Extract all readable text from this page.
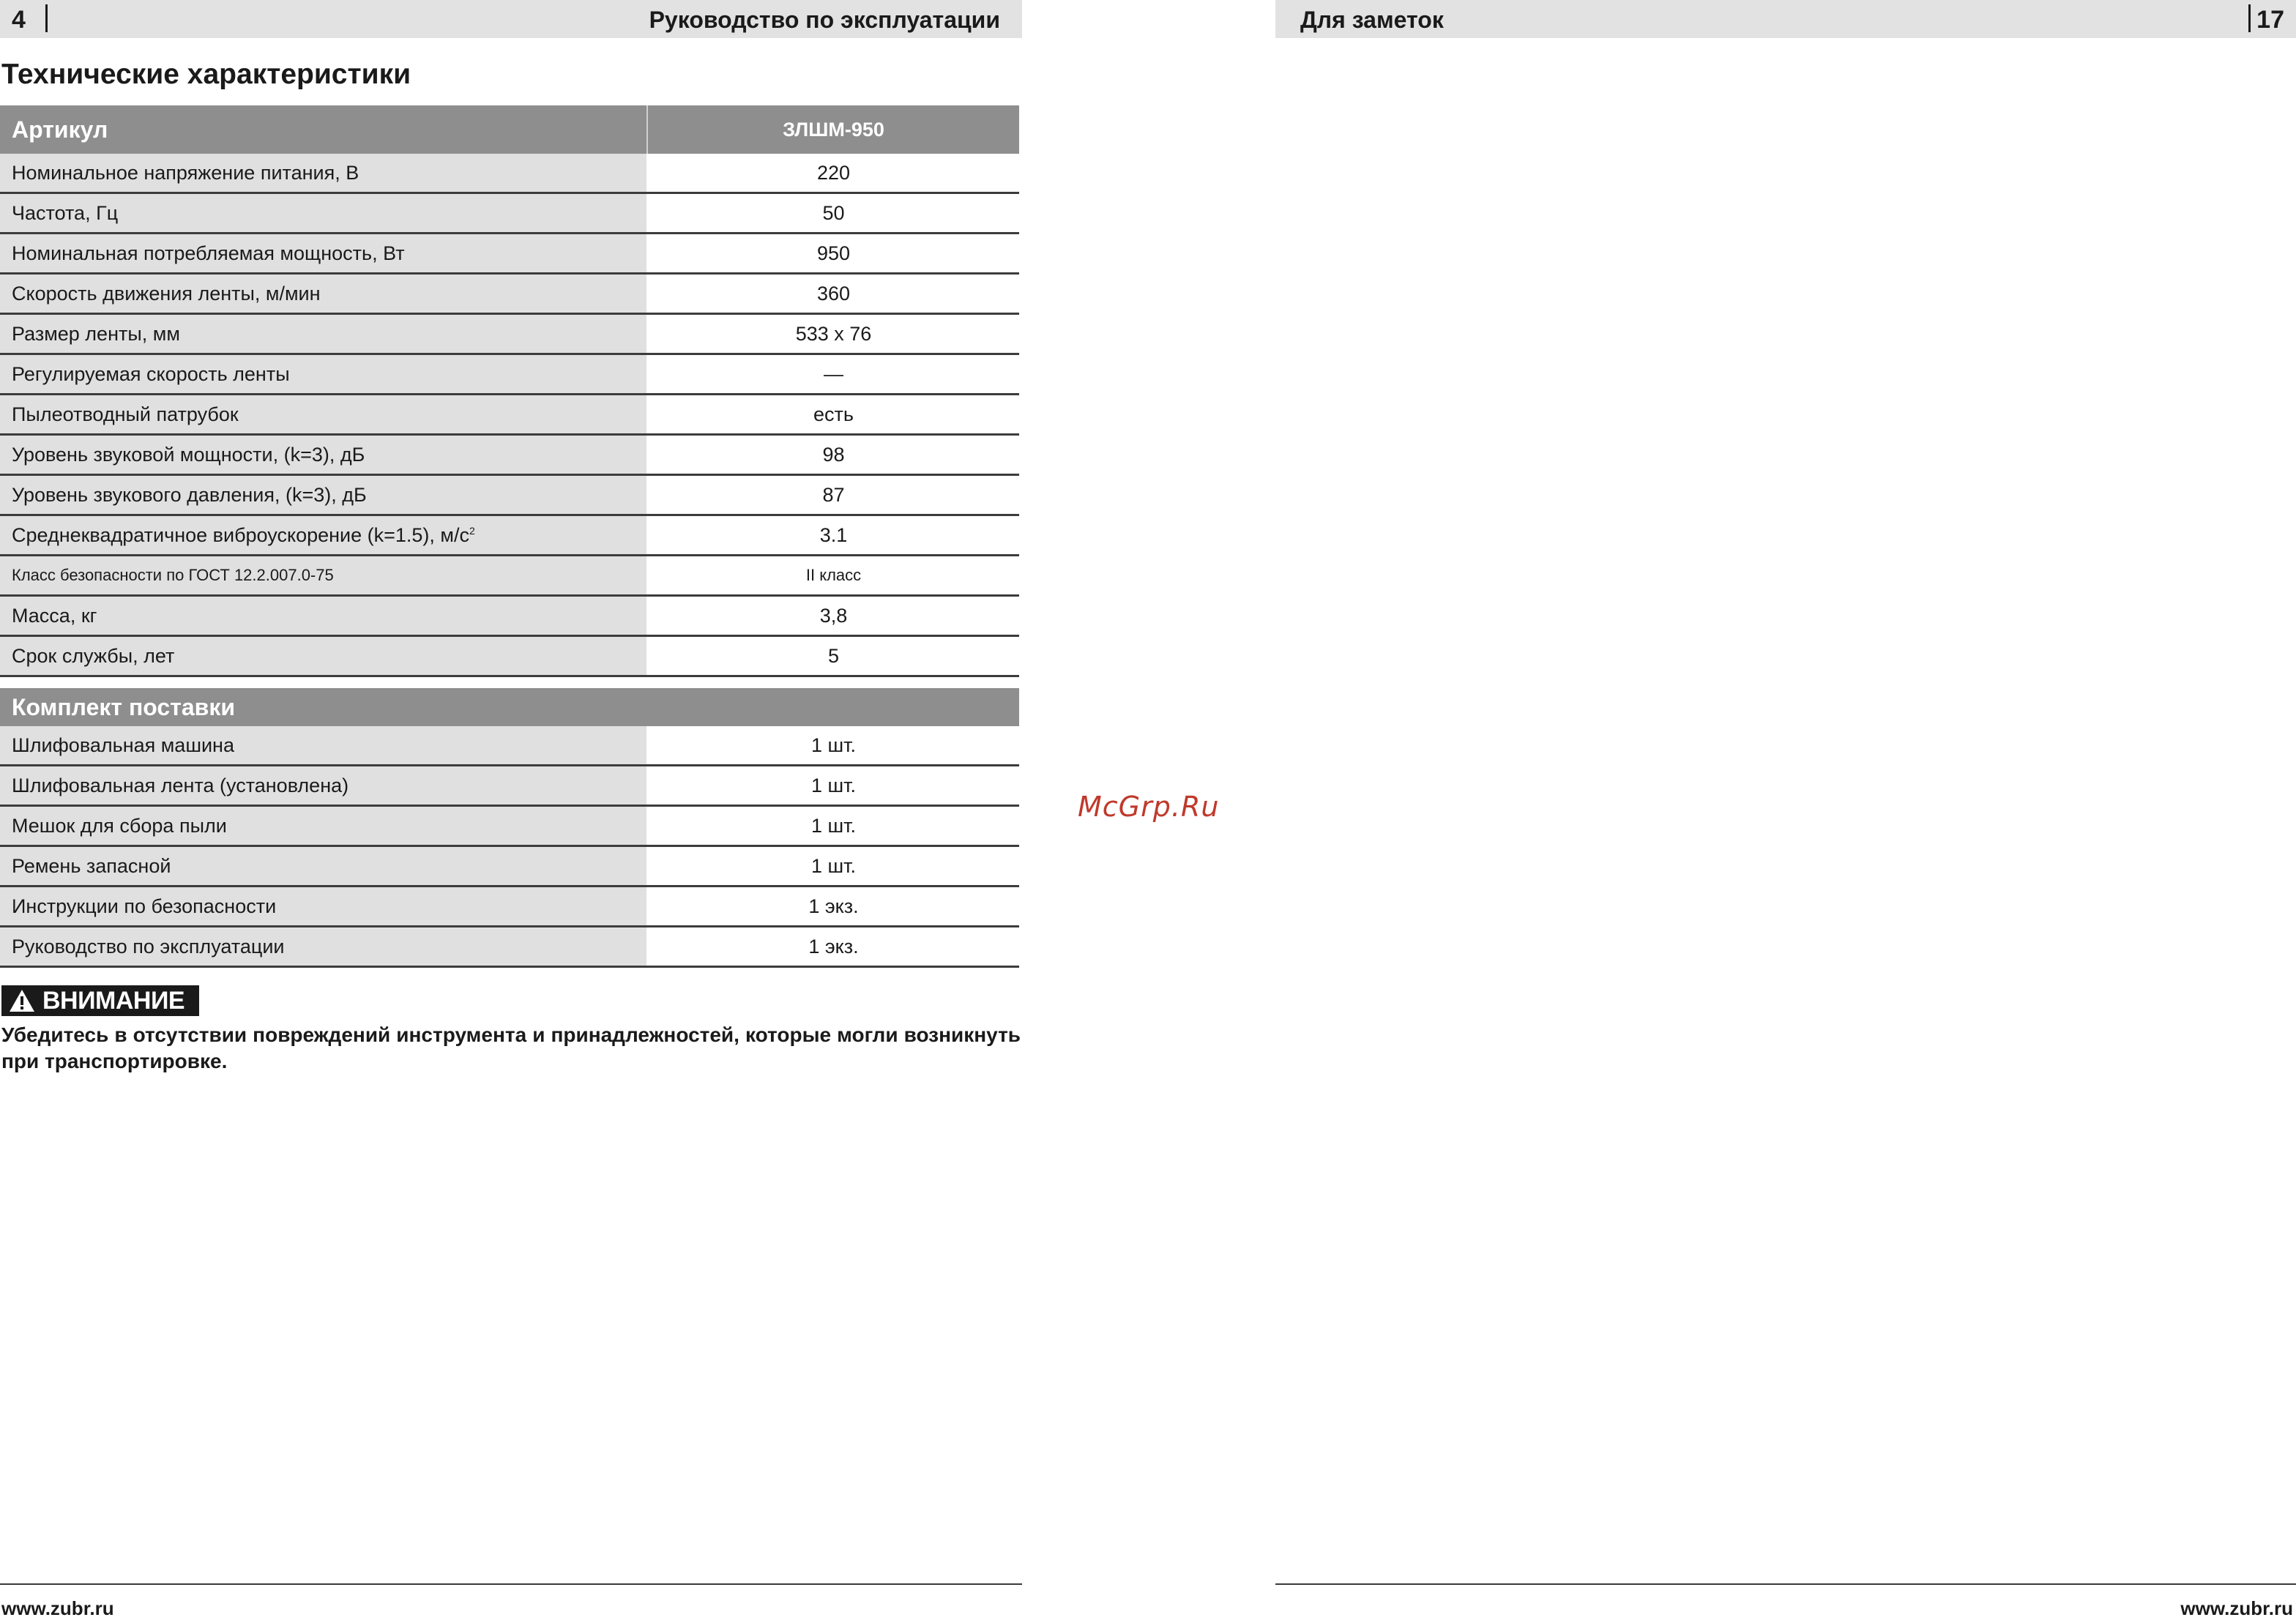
4	Руководство по эксплуатации
Технические характеристики
Артикул	ЗЛШМ-950
Номинальное напряжение питания, В	220
Частота, Гц	50
Номинальная потребляемая мощность, Вт	950
Скорость движения ленты, м/мин	360
Размер ленты, мм	533 х 76
Регулируемая скорость ленты	—
Пылеотводный патрубок	есть
Уровень звуковой мощности, (k=3), дБ	98
Уровень звукового давления, (k=3), дБ	87
Среднеквадратичное виброускорение (k=1.5), $м/с^2$	3.1
Класс безопасности по ГОСТ 12.2.007.0-75	II класс
Масса, кг	3,8
Срок службы, лет	5
Комплект поставки	
Шлифовальная машина	1 шт.
Шлифовальная лента (установлена)	1 шт.
Мешок для сбора пыли	1 шт.
Ремень запасной	1 шт.
Инструкции по безопасности	1 экз.
Руководство по эксплуатации	1 экз.
ВНИМАНИЕ
Убедитесь в отсутствии повреждений инструмента и принадлежностей, которые могли возникнуть при транспортировке.
www.zubr.ru
Для заметок	17
www.zubr.ru
McGrp.Ru
